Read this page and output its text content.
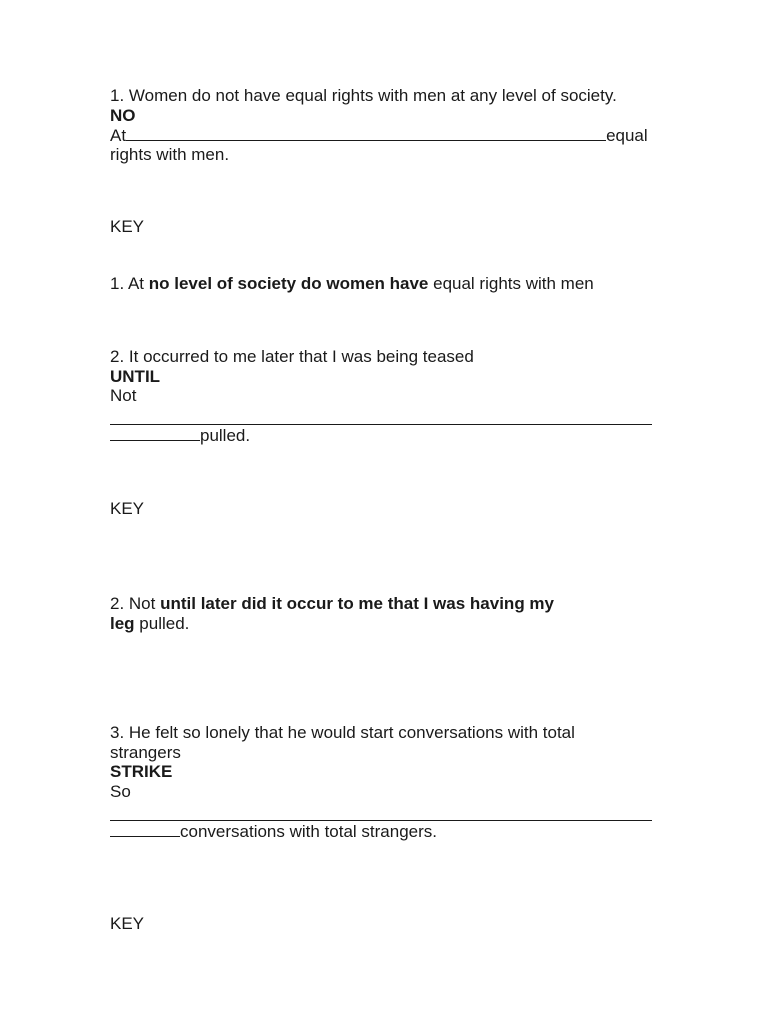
1. Women do not have equal rights with men at any level of society.
NO
At	equal
rights with men.
KEY
1. At no level of society do women have equal rights with men
2. It occurred to me later that I was being teased
UNTIL
Not
pulled.
KEY
2. Not until later did it occur to me that I was having my
leg pulled.
3. He felt so lonely that he would start conversations with total
strangers
STRIKE
So
conversations with total strangers.
KEY
